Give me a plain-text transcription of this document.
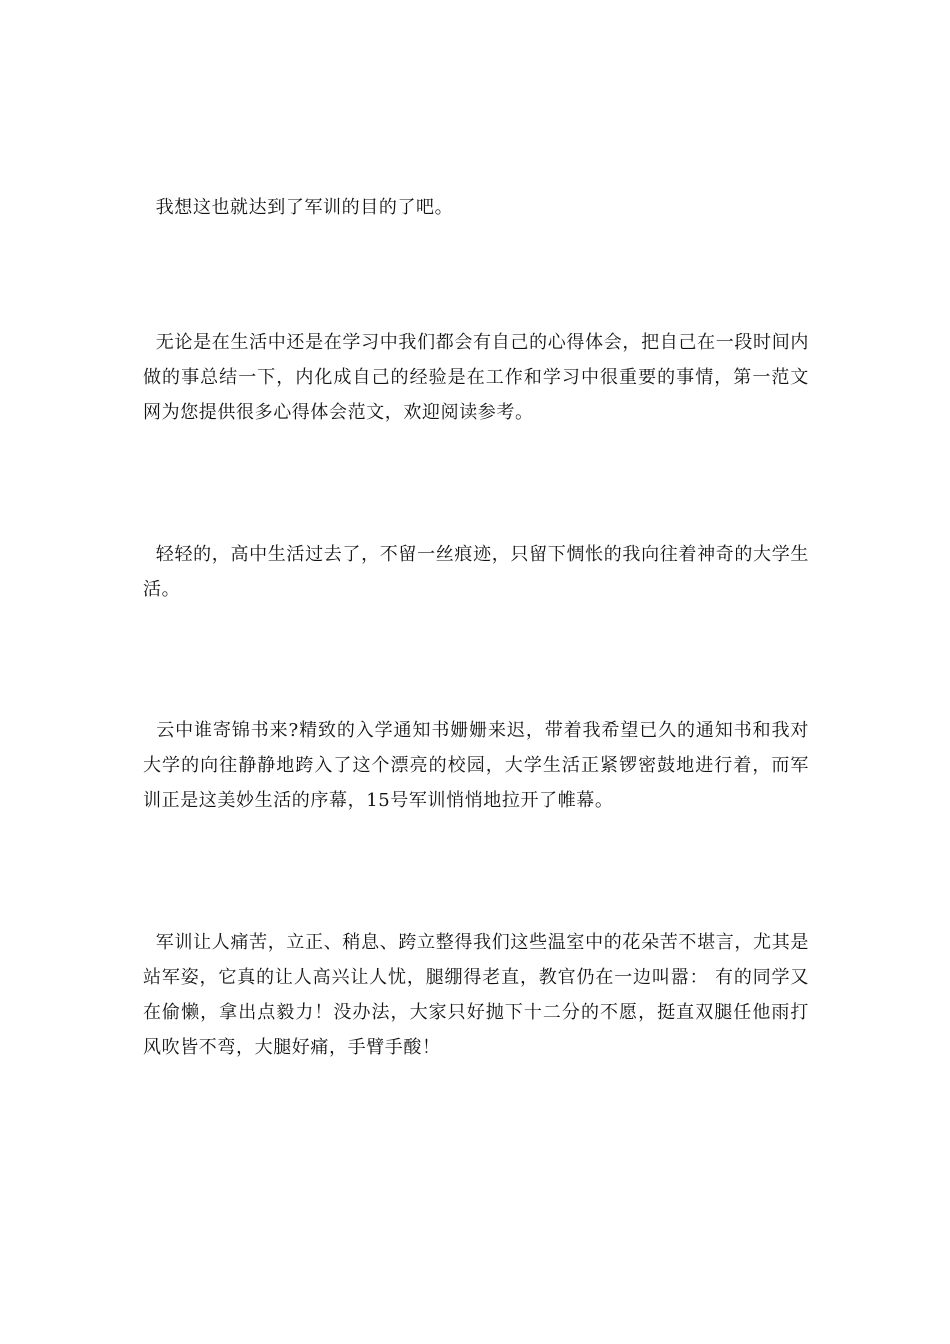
我想这也就达到了军训的目的了吧。

无论是在生活中还是在学习中我们都会有自己的心得体会，把自己在一段时间内做的事总结一下，内化成自己的经验是在工作和学习中很重要的事情，第一范文网为您提供很多心得体会范文，欢迎阅读参考。

轻轻的，高中生活过去了，不留一丝痕迹，只留下惆怅的我向往着神奇的大学生活。

云中谁寄锦书来?精致的入学通知书姗姗来迟，带着我希望已久的通知书和我对大学的向往静静地跨入了这个漂亮的校园，大学生活正紧锣密鼓地进行着，而军训正是这美妙生活的序幕，15号军训悄悄地拉开了帷幕。

军训让人痛苦，立正、稍息、跨立整得我们这些温室中的花朵苦不堪言，尤其是站军姿，它真的让人高兴让人忧，腿绷得老直，教官仍在一边叫嚣： 有的同学又在偷懒，拿出点毅力！没办法，大家只好抛下十二分的不愿，挺直双腿任他雨打风吹皆不弯，大腿好痛，手臂手酸！
